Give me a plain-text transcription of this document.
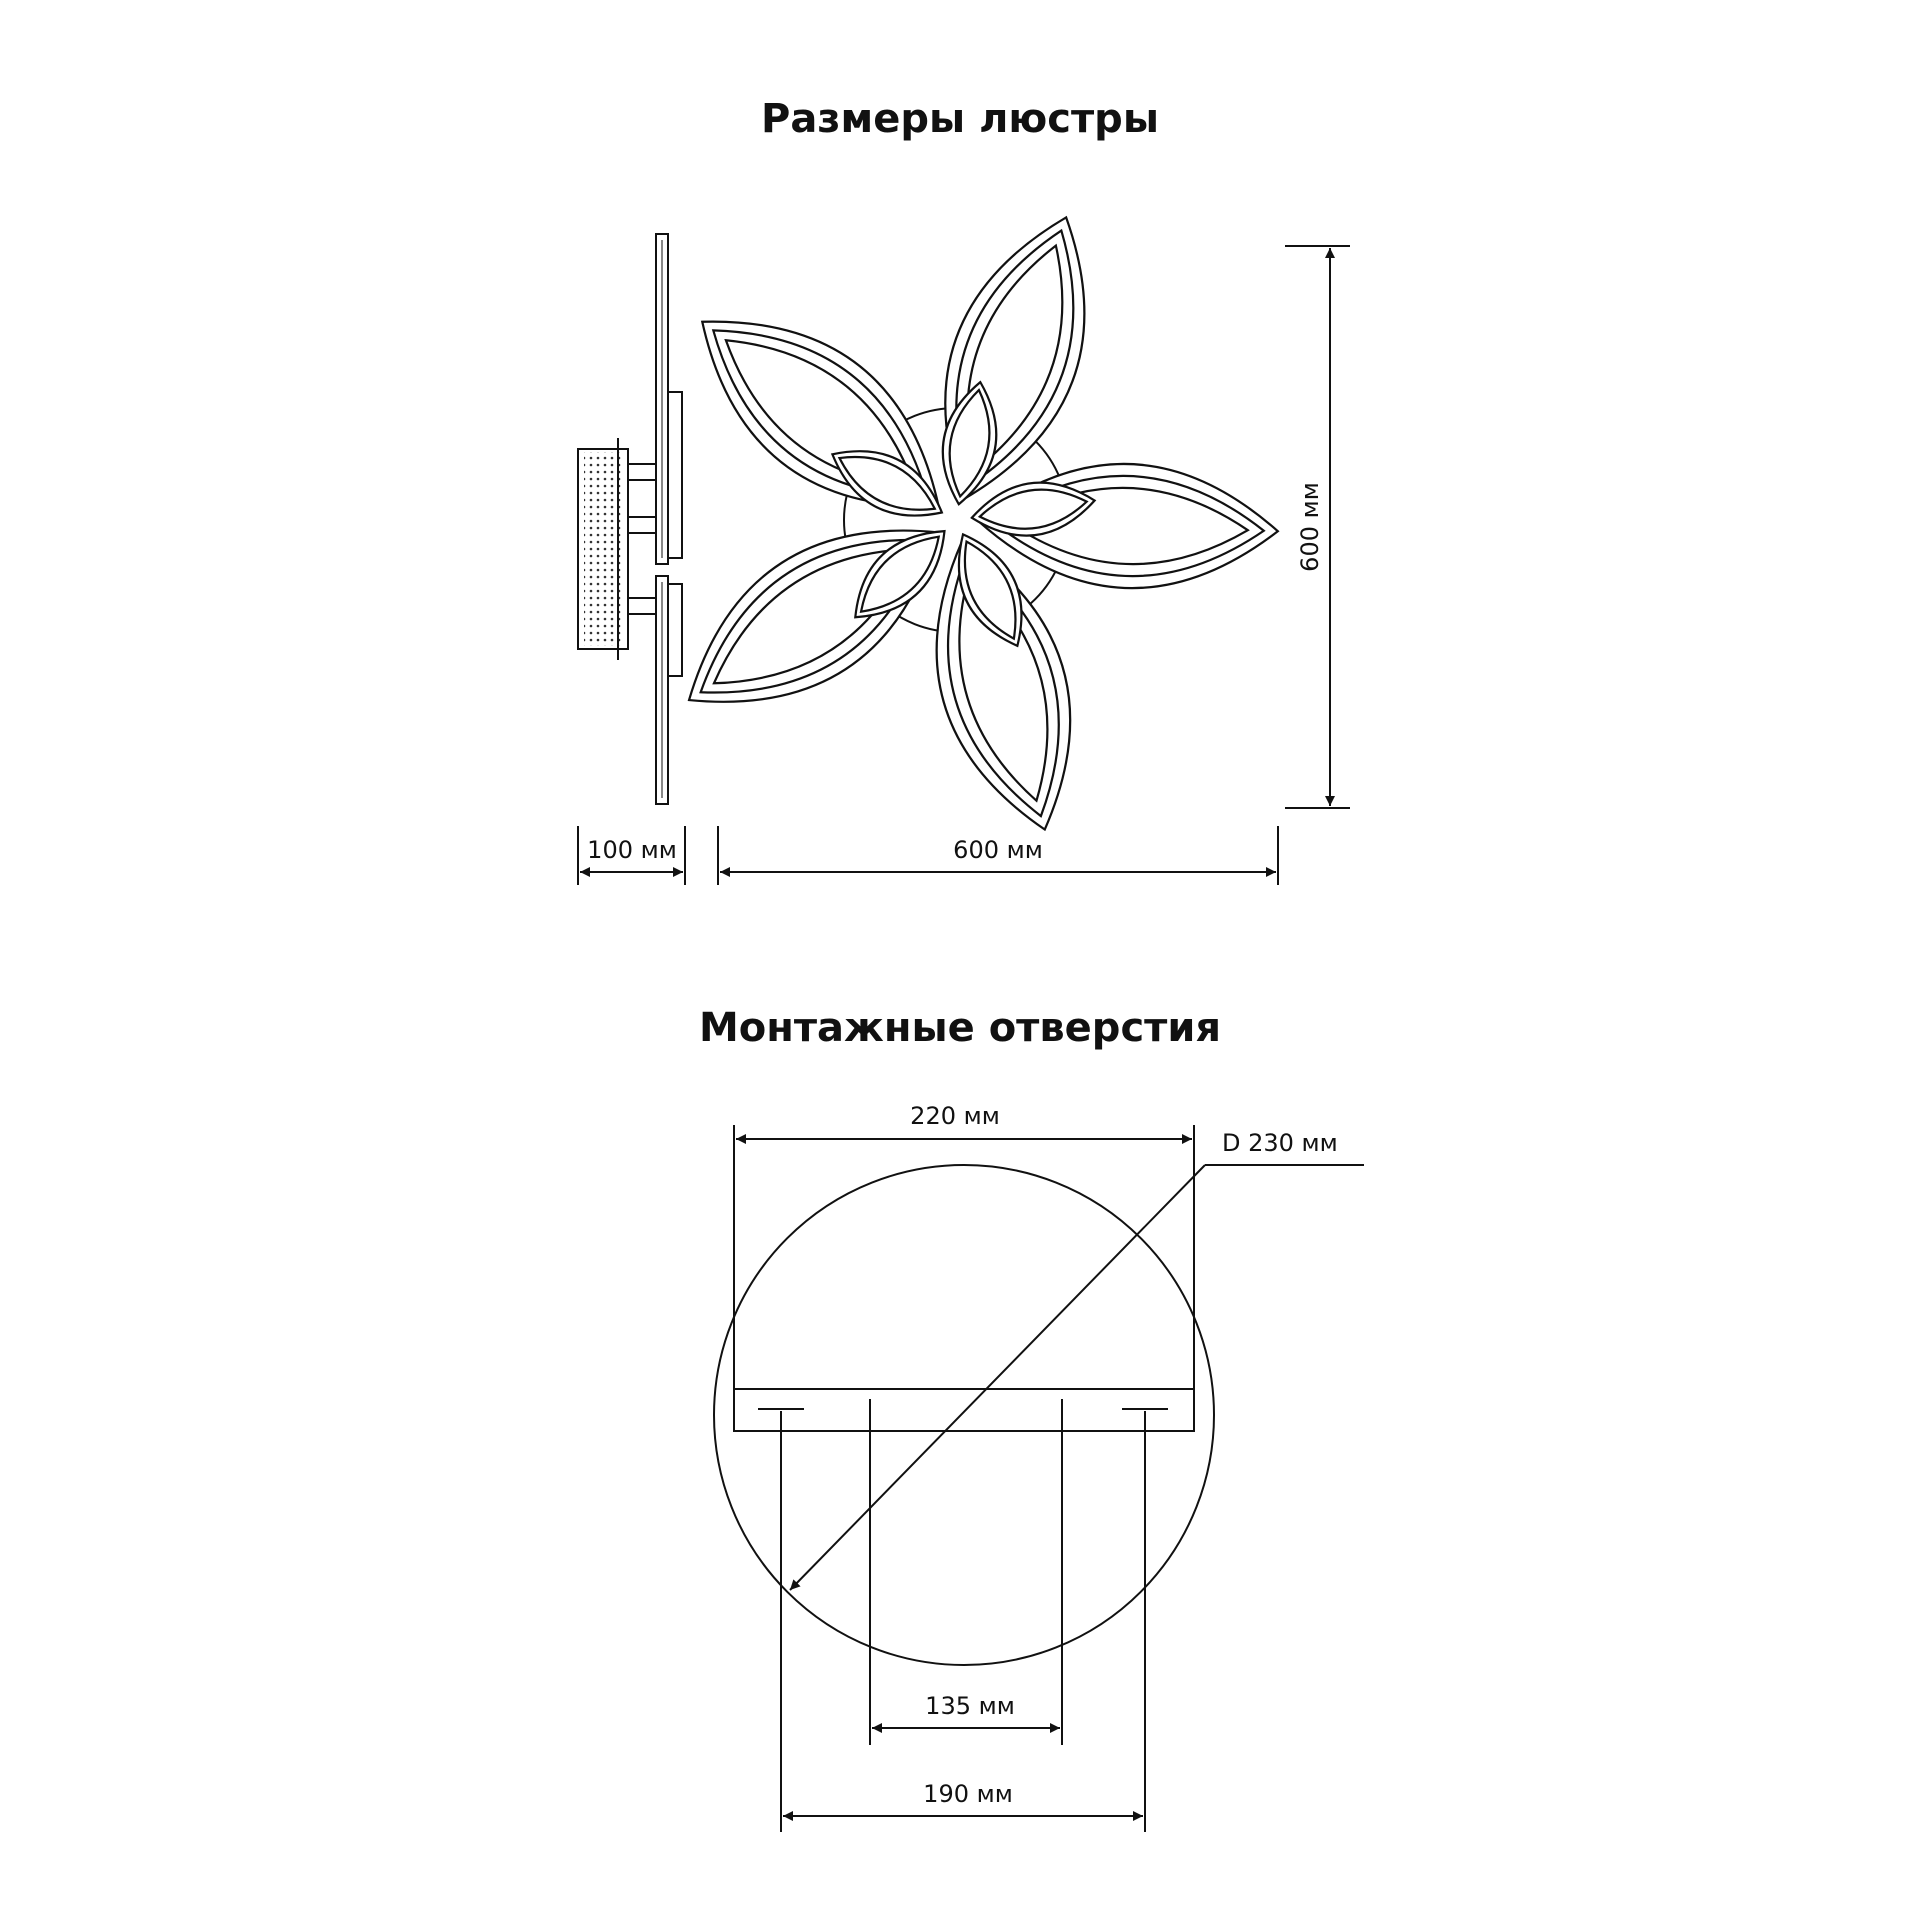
Размеры люстры
Монтажные отверстия
100 мм	600 мм
600 мм
220 мм
D 230 мм
135 мм
190 мм
